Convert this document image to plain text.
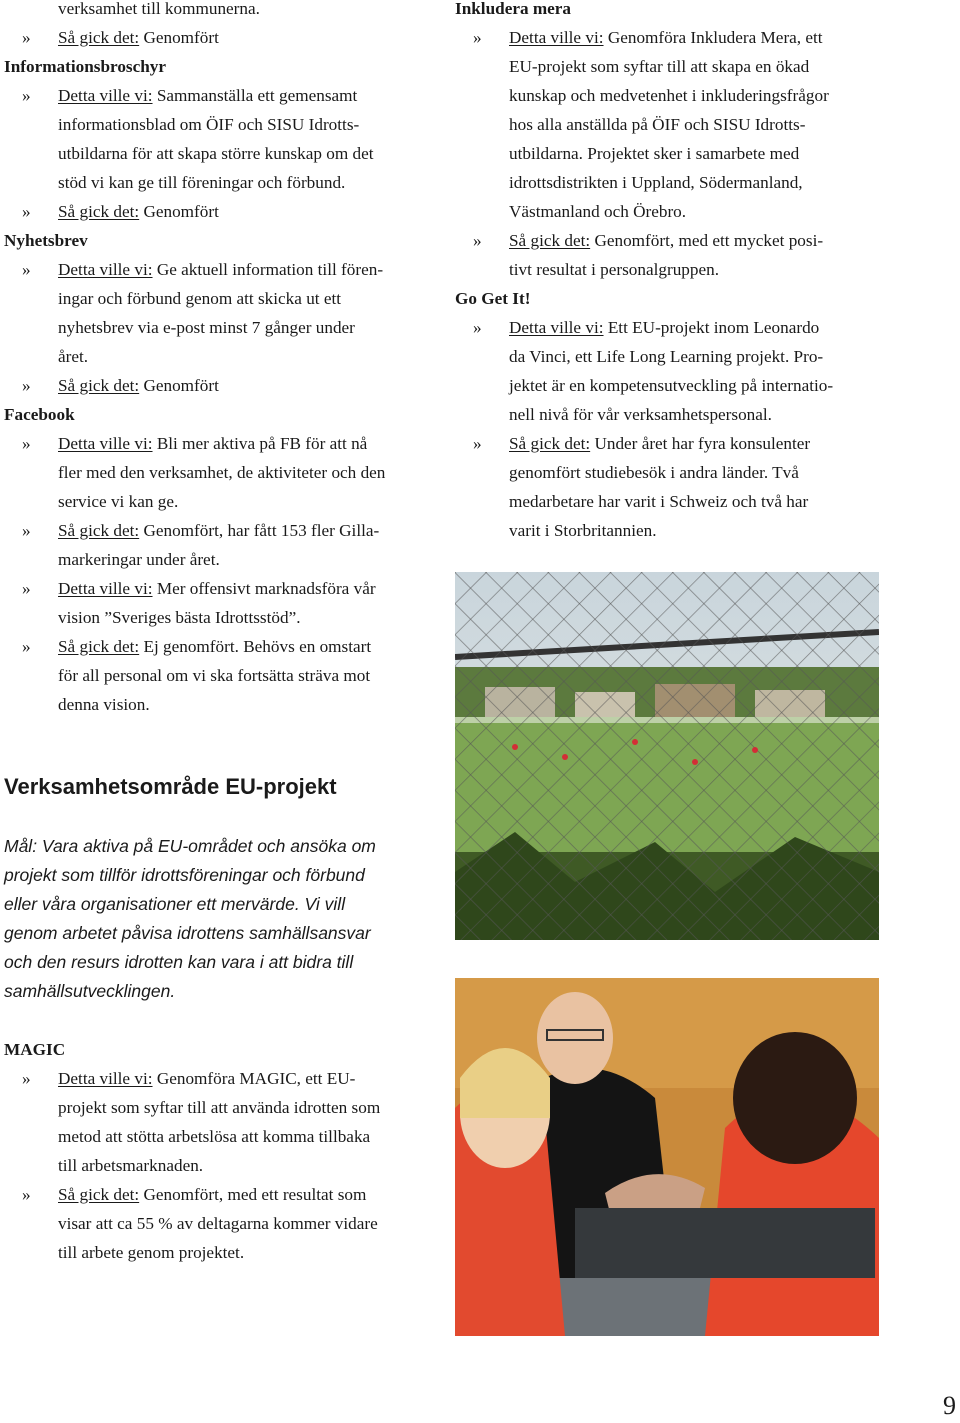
verksamhet till kommunerna.

» Så gick det: Genomfört

Informationsbroschyr

» Detta ville vi: Sammanställa ett gemensamt
informationsblad om ÖIF och SISU Idrotts-
utbildarna för att skapa större kunskap om det
stöd vi kan ge till föreningar och förbund.
» Så gick det: Genomfört

Nyhetsbrev

» Detta ville vi: Ge aktuell information till fören-
ingar och förbund genom att skicka ut ett
nyhetsbrev via e-post minst 7 gånger under
året.
» Så gick det: Genomfört

Facebook

» Detta ville vi: Bli mer aktiva på FB för att nå
fler med den verksamhet, de aktiviteter och den
service vi kan ge.
» Så gick det: Genomfört, har fått 153 fler Gilla-
markeringar under året.
» Detta ville vi: Mer offensivt marknadsföra vår
vision ”Sveriges bästa Idrottsstöd”.
» Så gick det: Ej genomfört. Behövs en omstart
för all personal om vi ska fortsätta sträva mot
denna vision.
Verksamhetsområde EU-projekt
Mål: Vara aktiva på EU-området och ansöka om
projekt som tillför idrottsföreningar och förbund
eller våra organisationer ett mervärde. Vi vill
genom arbetet påvisa idrottens samhällsansvar
och den resurs idrotten kan vara i att bidra till
samhällsutvecklingen.

MAGIC

» Detta ville vi: Genomföra MAGIC, ett EU-
projekt som syftar till att använda idrotten som
metod att stötta arbetslösa att komma tillbaka
till arbetsmarknaden.
» Så gick det: Genomfört, med ett resultat som
visar att ca 55 % av deltagarna kommer vidare
till arbete genom projektet.

Inkludera mera

» Detta ville vi: Genomföra Inkludera Mera, ett
EU-projekt som syftar till att skapa en ökad
kunskap och medvetenhet i inkluderingsfrågor
hos alla anställda på ÖIF och SISU Idrotts-
utbildarna. Projektet sker i samarbete med
idrottsdistrikten i Uppland, Södermanland,
Västmanland och Örebro.
» Så gick det: Genomfört, med ett mycket posi-
tivt resultat i personalgruppen.

Go Get It!

» Detta ville vi: Ett EU-projekt inom Leonardo
da Vinci, ett Life Long Learning projekt. Pro-
jektet är en kompetensutveckling på internatio-
nell nivå för vår verksamhetspersonal.
» Så gick det: Under året har fyra konsulenter
genomfört studiebesök i andra länder. Två
medarbetare har varit i Schweiz och två har
varit i Storbritannien.
9
